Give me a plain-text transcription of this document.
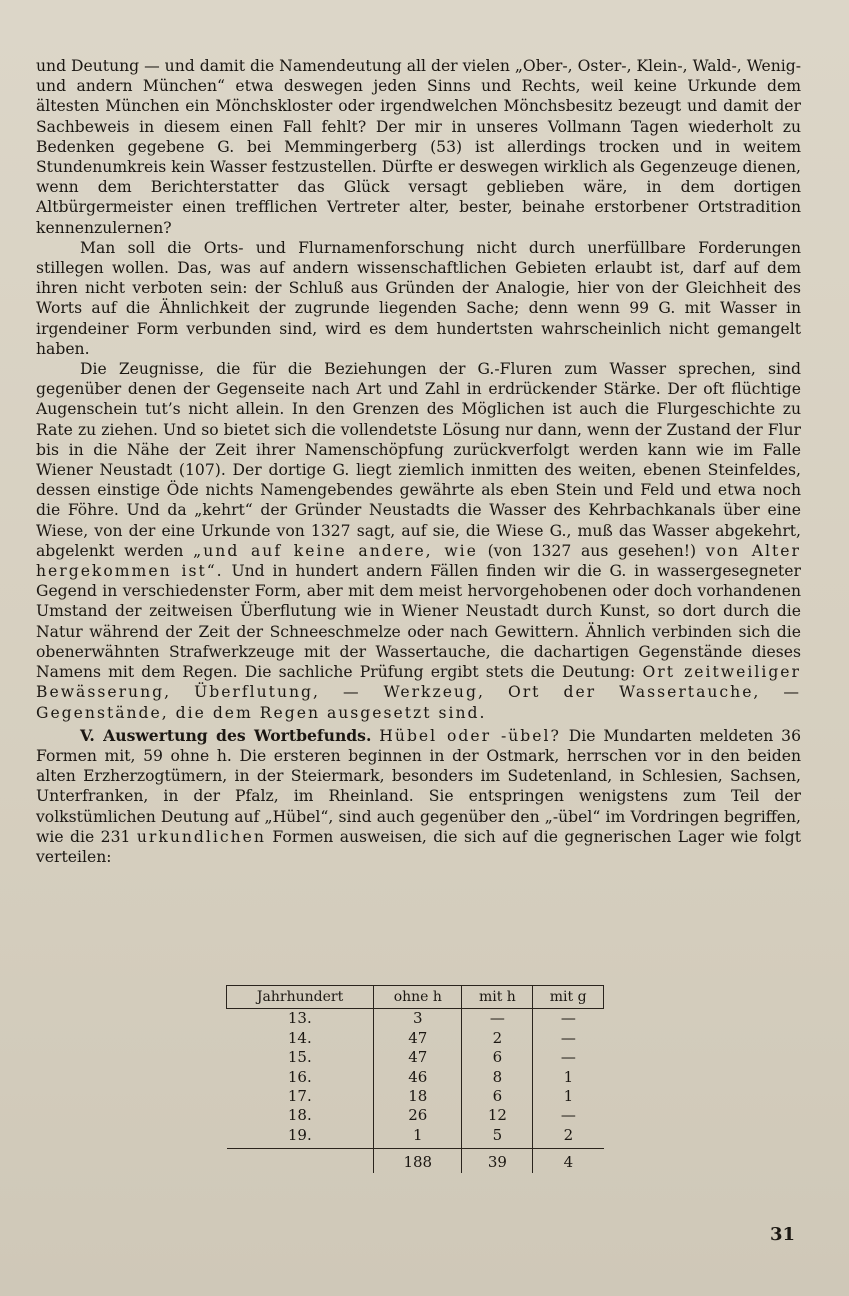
und Deutung — und damit die Namendeutung all der vielen „Ober-, Oster-, Klein-, Wald-, Wenig- und andern München“ etwa deswegen jeden Sinns und Rechts, weil keine Urkunde dem ältesten München ein Mönchskloster oder irgendwelchen Mönchsbesitz bezeugt und damit der Sachbeweis in diesem einen Fall fehlt? Der mir in unseres Vollmann Tagen wiederholt zu Bedenken gegebene G. bei Memmingerberg (53) ist allerdings trocken und in weitem Stundenumkreis kein Wasser festzustellen. Dürfte er deswegen wirklich als Gegenzeuge dienen, wenn dem Berichterstatter das Glück versagt geblieben wäre, in dem dortigen Altbürgermeister einen trefflichen Vertreter alter, bester, beinahe erstorbener Ortstradition kennenzulernen?

Man soll die Orts- und Flurnamenforschung nicht durch unerfüllbare Forderungen stillegen wollen. Das, was auf andern wissenschaftlichen Gebieten erlaubt ist, darf auf dem ihren nicht verboten sein: der Schluß aus Gründen der Analogie, hier von der Gleichheit des Worts auf die Ähnlichkeit der zugrunde liegenden Sache; denn wenn 99 G. mit Wasser in irgendeiner Form verbunden sind, wird es dem hundertsten wahrscheinlich nicht gemangelt haben.

Die Zeugnisse, die für die Beziehungen der G.-Fluren zum Wasser sprechen, sind gegenüber denen der Gegenseite nach Art und Zahl in erdrückender Stärke. Der oft flüchtige Augenschein tut’s nicht allein. In den Grenzen des Möglichen ist auch die Flurgeschichte zu Rate zu ziehen. Und so bietet sich die vollendetste Lösung nur dann, wenn der Zustand der Flur bis in die Nähe der Zeit ihrer Namenschöpfung zurückverfolgt werden kann wie im Falle Wiener Neustadt (107). Der dortige G. liegt ziemlich inmitten des weiten, ebenen Steinfeldes, dessen einstige Öde nichts Namengebendes gewährte als eben Stein und Feld und etwa noch die Föhre. Und da „kehrt“ der Gründer Neustadts die Wasser des Kehrbachkanals über eine Wiese, von der eine Urkunde von 1327 sagt, auf sie, die Wiese G., muß das Wasser abgekehrt, abgelenkt werden „und auf keine andere, wie (von 1327 aus gesehen!) von Alter hergekommen ist“. Und in hundert andern Fällen finden wir die G. in wassergesegneter Gegend in verschiedenster Form, aber mit dem meist hervorgehobenen oder doch vorhandenen Umstand der zeitweisen Überflutung wie in Wiener Neustadt durch Kunst, so dort durch die Natur während der Zeit der Schneeschmelze oder nach Gewittern. Ähnlich verbinden sich die obenerwähnten Strafwerkzeuge mit der Wassertauche, die dachartigen Gegenstände dieses Namens mit dem Regen. Die sachliche Prüfung ergibt stets die Deutung: Ort zeitweiliger Bewässerung, Überflutung, — Werkzeug, Ort der Wassertauche, — Gegenstände, die dem Regen ausgesetzt sind.

V. Auswertung des Wortbefunds. Hübel oder -übel? Die Mundarten meldeten 36 Formen mit, 59 ohne h. Die ersteren beginnen in der Ostmark, herrschen vor in den beiden alten Erzherzogtümern, in der Steiermark, besonders im Sudetenland, in Schlesien, Sachsen, Unterfranken, in der Pfalz, im Rheinland. Sie entspringen wenigstens zum Teil der volkstümlichen Deutung auf „Hübel“, sind auch gegenüber den „-übel“ im Vordringen begriffen, wie die 231 urkundlichen Formen ausweisen, die sich auf die gegnerischen Lager wie folgt verteilen:

Jahrhundert	ohne h	mit h	mit g
13.	3	—	—
14.	47	2	—
15.	47	6	—
16.	46	8	1
17.	18	6	1
18.	26	12	—
19.	1	5	2
	188	39	4
31
